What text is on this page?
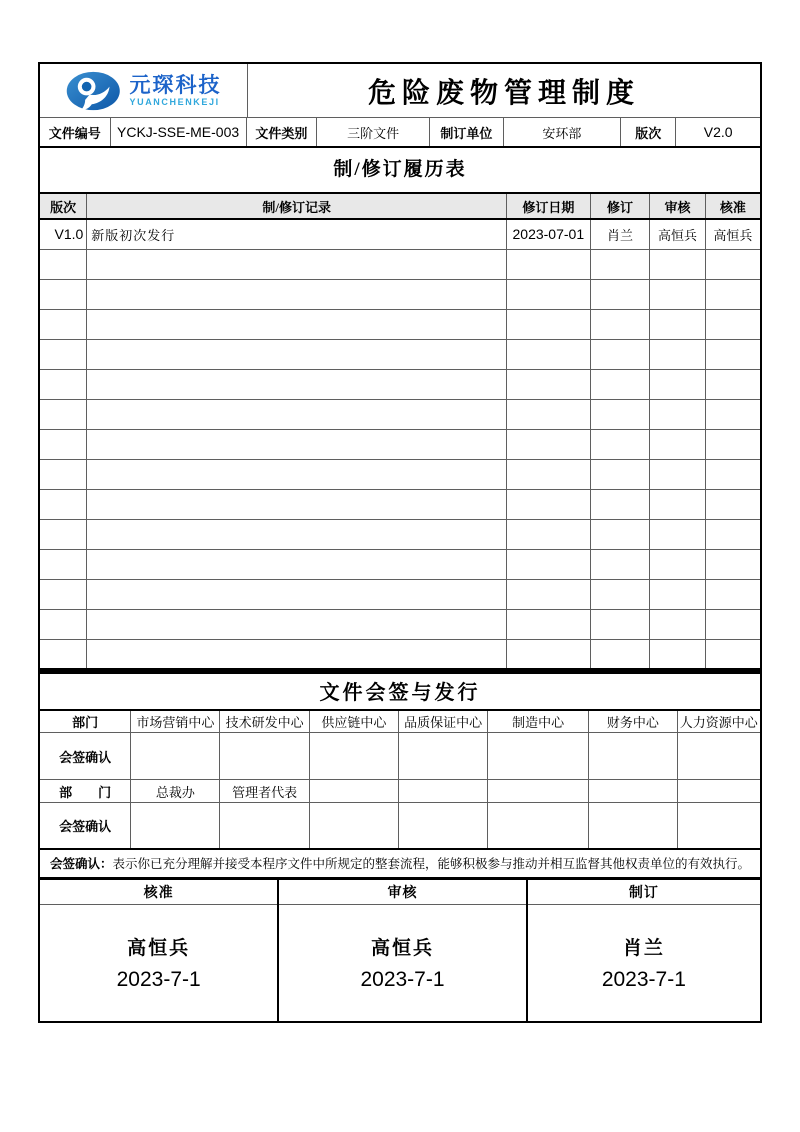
元琛科技
YUANCHENKEJI	危险废物管理制度
文件编号	YCKJ-SSE-ME-003	文件类别	三阶文件	制订单位	安环部	版次	V2.0
制/修订履历表
版次	制/修订记录	修订日期	修订	审核	核准
V1.0	新版初次发行	2023-07-01	肖兰	高恒兵	高恒兵

文件会签与发行
部门	市场营销中心	技术研发中心	供应链中心	品质保证中心	制造中心	财务中心	人力资源中心
会签确认							
部　　门	总裁办	管理者代表					
会签确认							
会签确认： 表示你已充分理解并接受本程序文件中所规定的整套流程，能够积极参与推动并相互监督其他权责单位的有效执行。
核准	审核	制订

高恒兵
2023-7-1

高恒兵
2023-7-1

肖兰
2023-7-1
